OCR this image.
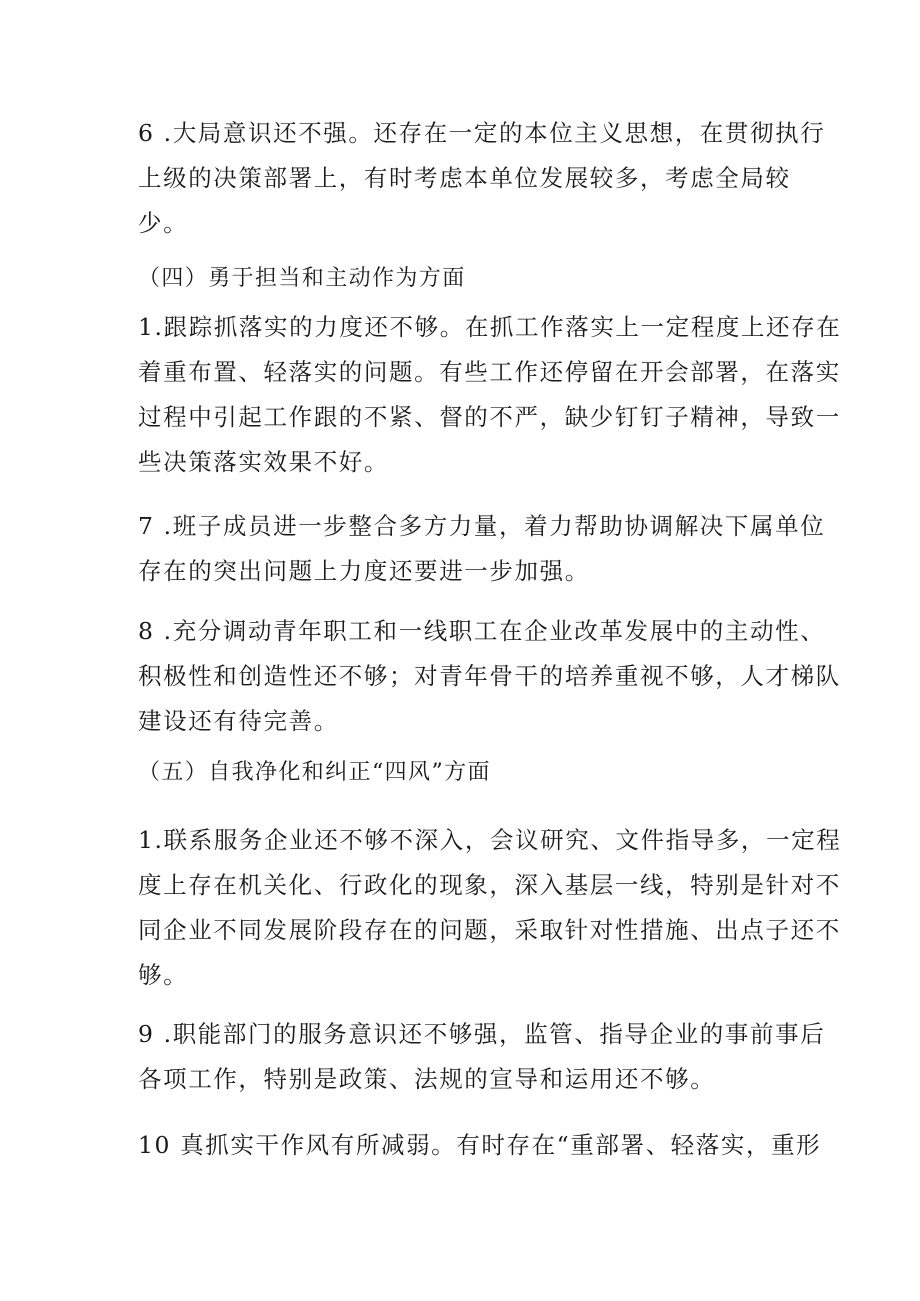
6 .大局意识还不强。还存在一定的本位主义思想，在贯彻执行
上级的决策部署上，有时考虑本单位发展较多，考虑全局较
少。
（四）勇于担当和主动作为方面
1.跟踪抓落实的力度还不够。在抓工作落实上一定程度上还存在
着重布置、轻落实的问题。有些工作还停留在开会部署，在落实
过程中引起工作跟的不紧、督的不严，缺少钉钉子精神，导致一
些决策落实效果不好。
7 .班子成员进一步整合多方力量，着力帮助协调解决下属单位
存在的突出问题上力度还要进一步加强。
8 .充分调动青年职工和一线职工在企业改革发展中的主动性、
积极性和创造性还不够；对青年骨干的培养重视不够，人才梯队
建设还有待完善。
（五）自我净化和纠正“四风”方面
1.联系服务企业还不够不深入，会议研究、文件指导多，一定程
度上存在机关化、行政化的现象，深入基层一线，特别是针对不
同企业不同发展阶段存在的问题，采取针对性措施、出点子还不
够。
9 .职能部门的服务意识还不够强，监管、指导企业的事前事后
各项工作，特别是政策、法规的宣导和运用还不够。
10 真抓实干作风有所减弱。有时存在“重部署、轻落实，重形
